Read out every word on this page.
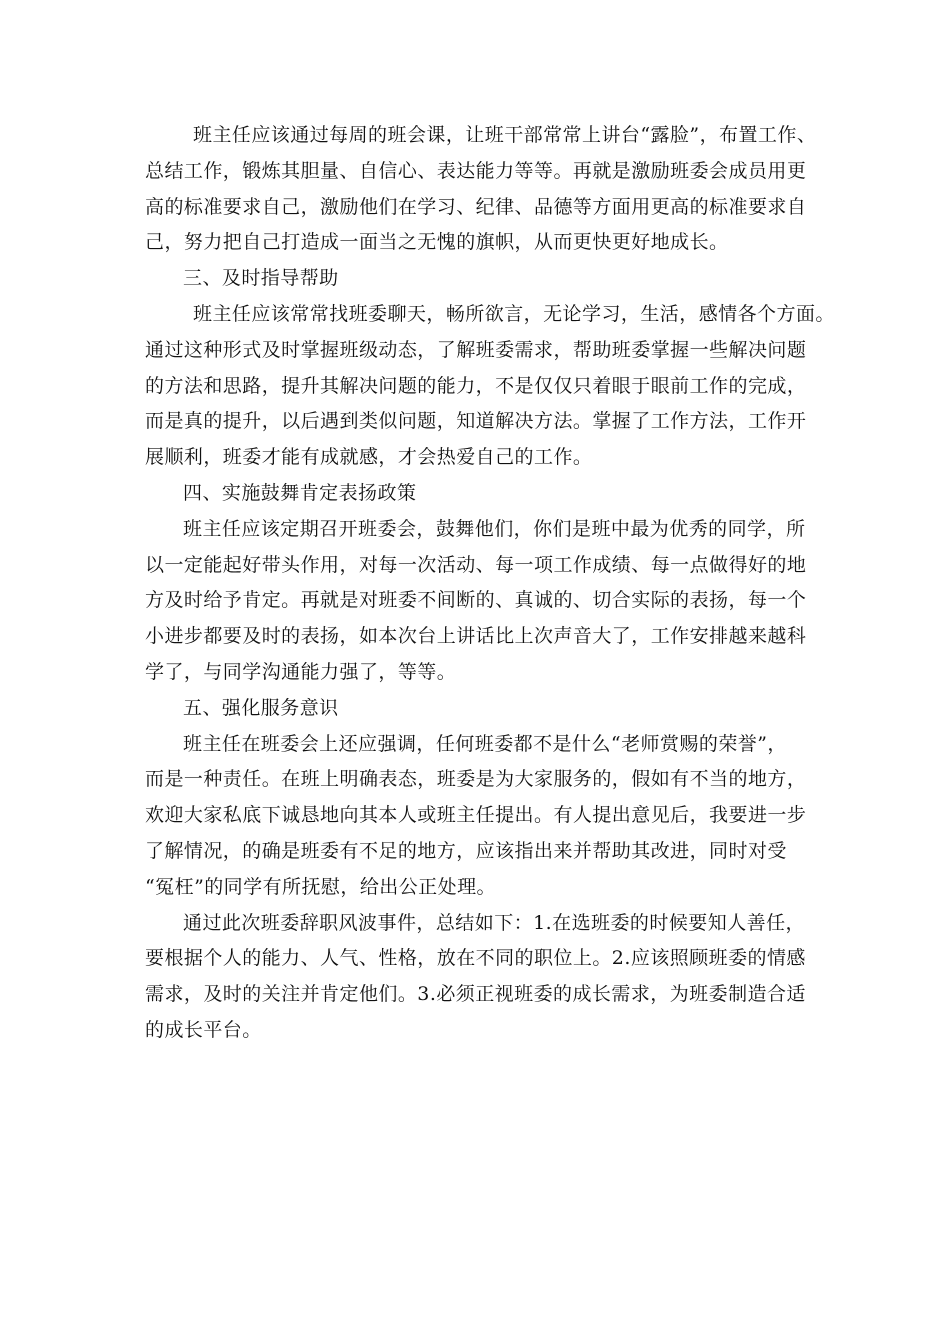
班主任应该通过每周的班会课，让班干部常常上讲台“露脸”，布置工作、
总结工作，锻炼其胆量、自信心、表达能力等等。再就是激励班委会成员用更
高的标准要求自己，激励他们在学习、纪律、品德等方面用更高的标准要求自
己，努力把自己打造成一面当之无愧的旗帜，从而更快更好地成长。
三、及时指导帮助
班主任应该常常找班委聊天，畅所欲言，无论学习，生活，感情各个方面。
通过这种形式及时掌握班级动态，了解班委需求，帮助班委掌握一些解决问题
的方法和思路，提升其解决问题的能力，不是仅仅只着眼于眼前工作的完成，
而是真的提升，以后遇到类似问题，知道解决方法。掌握了工作方法，工作开
展顺利，班委才能有成就感，才会热爱自己的工作。
四、实施鼓舞肯定表扬政策
班主任应该定期召开班委会，鼓舞他们，你们是班中最为优秀的同学，所
以一定能起好带头作用，对每一次活动、每一项工作成绩、每一点做得好的地
方及时给予肯定。再就是对班委不间断的、真诚的、切合实际的表扬，每一个
小进步都要及时的表扬，如本次台上讲话比上次声音大了，工作安排越来越科
学了，与同学沟通能力强了，等等。
五、强化服务意识
班主任在班委会上还应强调，任何班委都不是什么“老师赏赐的荣誉”，
而是一种责任。在班上明确表态，班委是为大家服务的，假如有不当的地方，
欢迎大家私底下诚恳地向其本人或班主任提出。有人提出意见后，我要进一步
了解情况，的确是班委有不足的地方，应该指出来并帮助其改进，同时对受
“冤枉”的同学有所抚慰，给出公正处理。
通过此次班委辞职风波事件，总结如下：1.在选班委的时候要知人善任，
要根据个人的能力、人气、性格，放在不同的职位上。2.应该照顾班委的情感
需求，及时的关注并肯定他们。3.必须正视班委的成长需求，为班委制造合适
的成长平台。
